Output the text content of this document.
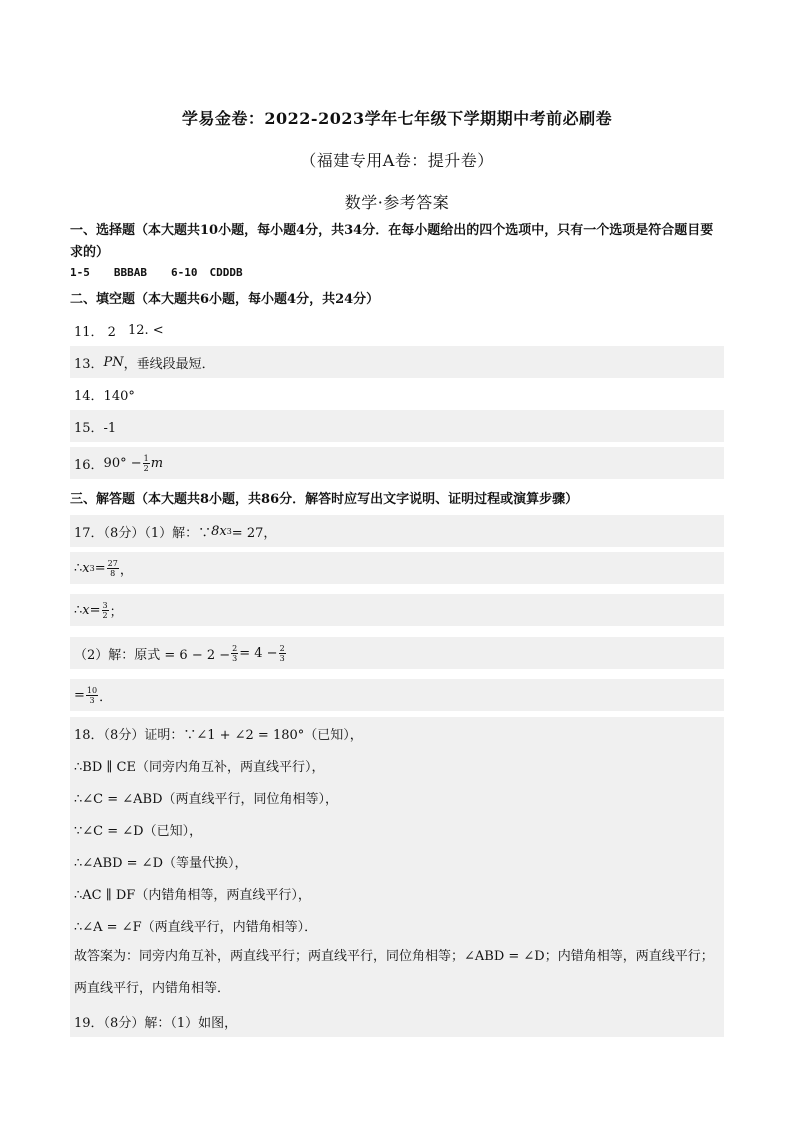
学易金卷：2022-2023学年七年级下学期期中考前必刷卷
（福建专用A卷：提升卷）
数学·参考答案
一、选择题（本大题共10小题，每小题4分，共34分．在每小题给出的四个选项中，只有一个选项是符合题目要求的）
1-5 BBBAB 6-10 CDDDB
二、填空题（本大题共6小题，每小题4分，共24分）
11． 2 12. <
13． PN ，垂线段最短．
14．140°
15．-1
16． $90^\circ - \frac{1}{2}$ m
三、解答题（本大题共8小题，共86分．解答时应写出文字说明、证明过程或演算步骤）
17．（8分）（1）解：∵ 8x 3 = 27，
∴ x $3 = \frac{27}{8}$ ，
∴ $x = \frac{3}{2}$ ；
（2）解：原式 = $6 - 2 - \frac{2}{3} = 4 - \frac{2}{3}$
= $\frac{10}{3}$ ．
18．（8分）证明：∵∠1 + ∠2 = 180°（已知），
∴BD ∥ CE（同旁内角互补，两直线平行），
∴∠C = ∠ABD（两直线平行，同位角相等），
∵∠C = ∠D（已知），
∴∠ABD = ∠D（等量代换），
∴AC ∥ DF（内错角相等，两直线平行），
∴∠A = ∠F（两直线平行，内错角相等）．
故答案为：同旁内角互补，两直线平行；两直线平行，同位角相等；∠ABD = ∠D；内错角相等，两直线平行；两直线平行，内错角相等．
19．（8分）解：（1）如图，
